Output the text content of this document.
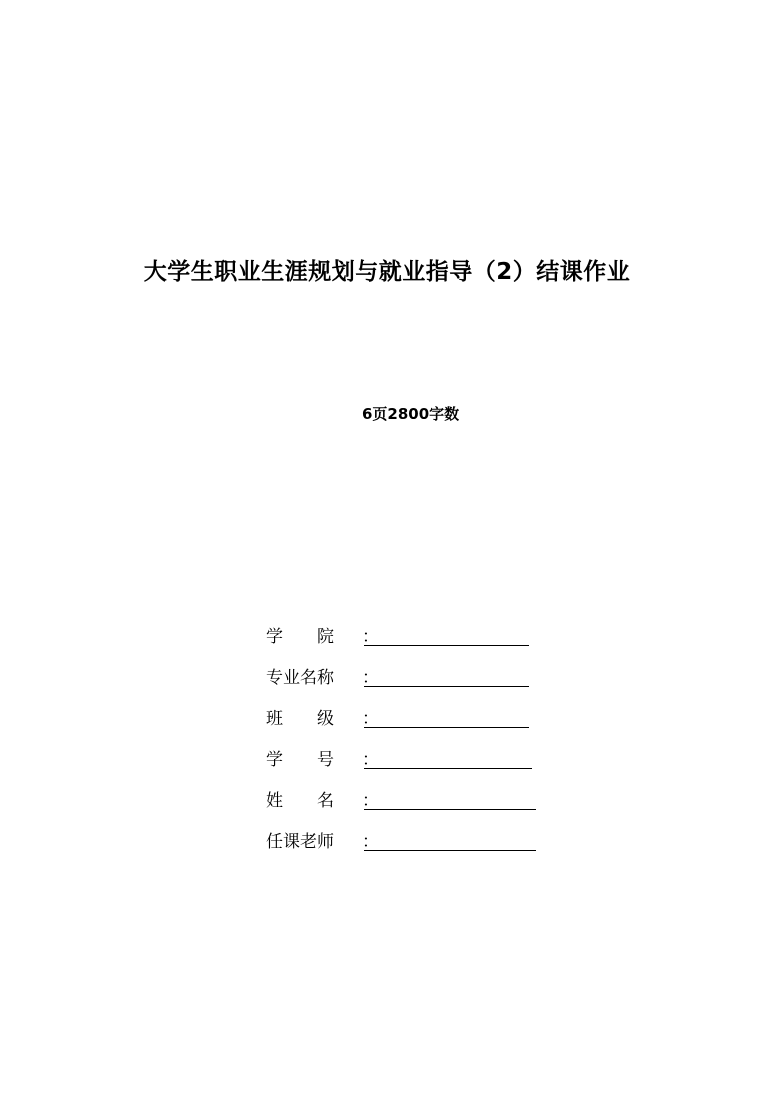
大学生职业生涯规划与就业指导（2）结课作业
6页2800字数
学　　院	：
专业名称	：
班　　级	：
学　　号	：
姓　　名	：
任课老师	：
